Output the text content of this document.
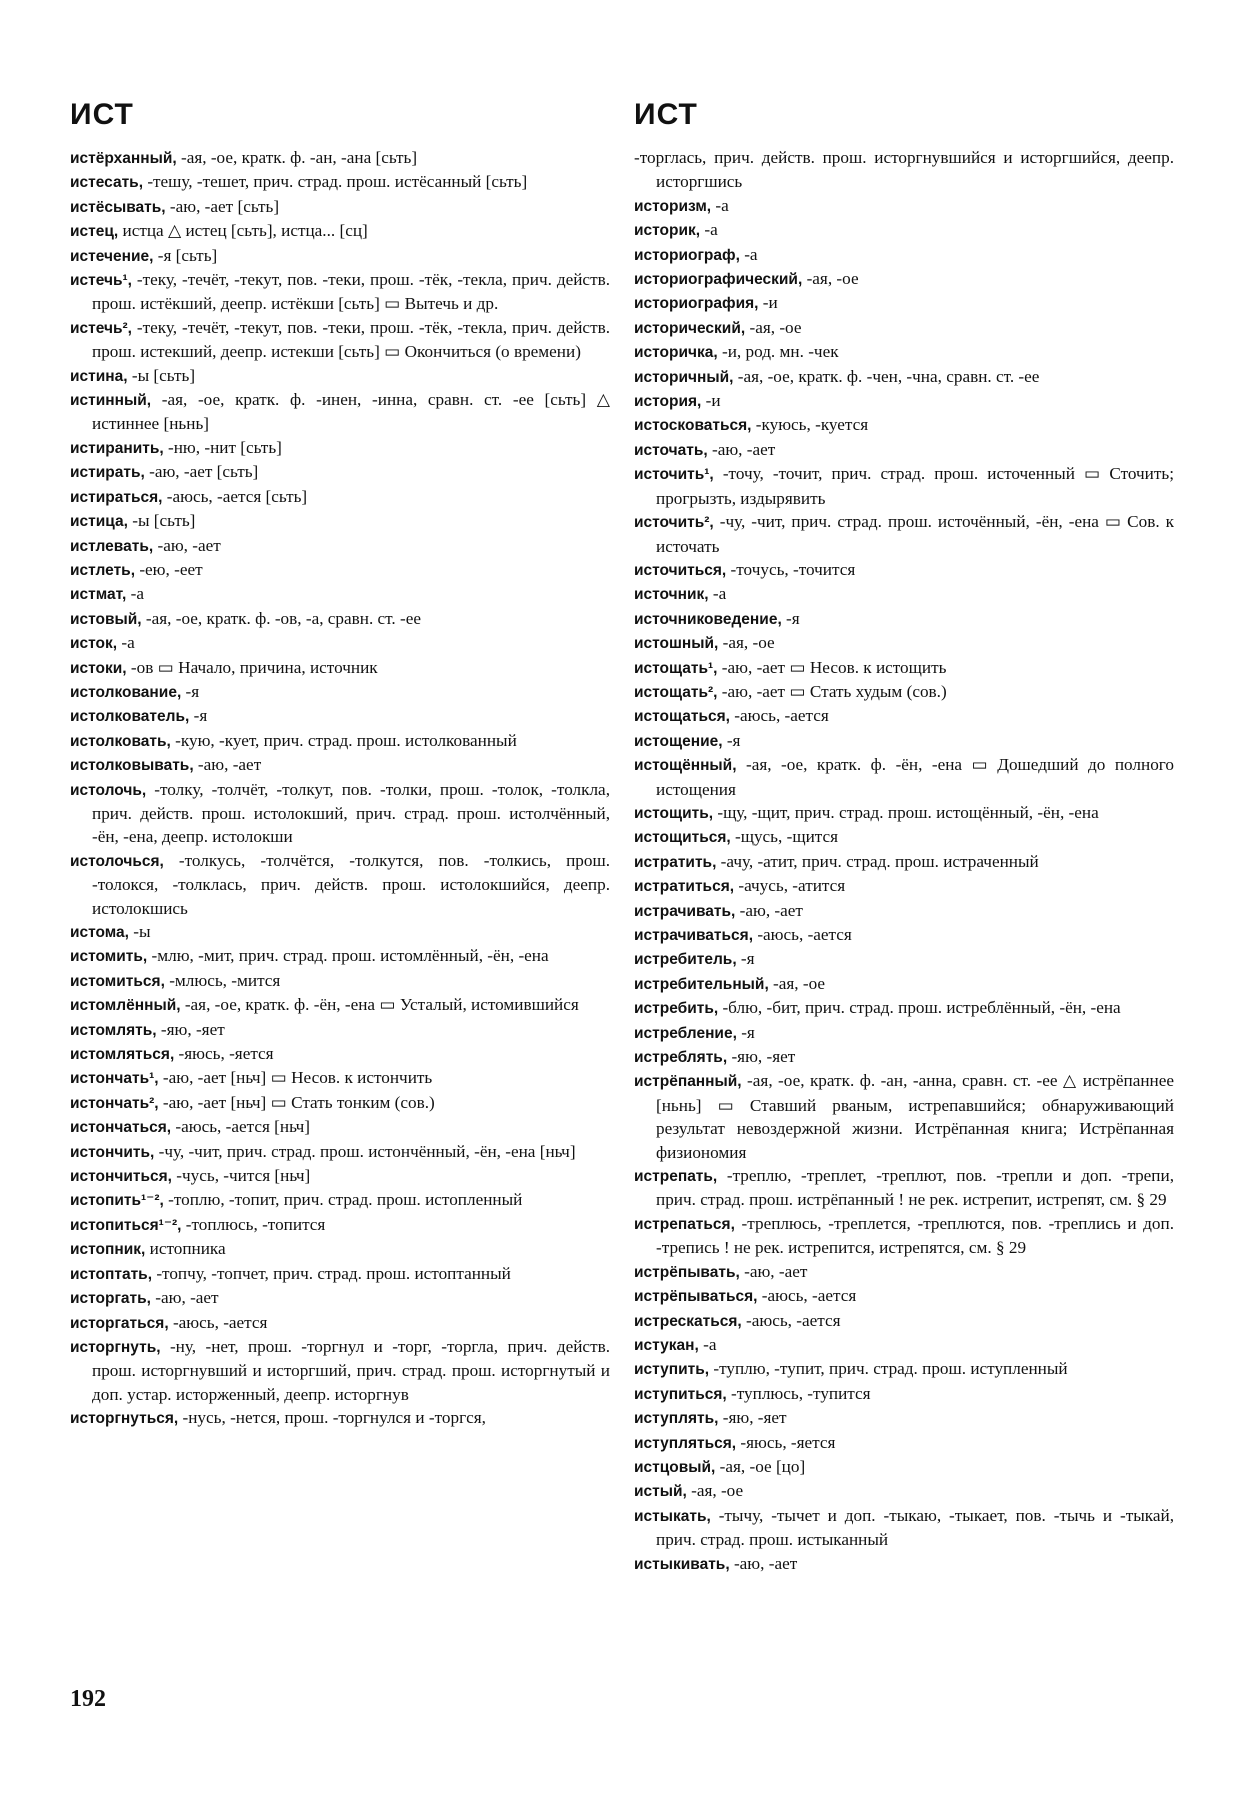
ИСТ	ИСТ

истёрханный, -ая, -ое, кратк. ф. -ан, -ана [сьть]

истесать, -тешу, -тешет, прич. страд. прош. истёсанный [сьть]

истёсывать, -аю, -ает [сьть]

истец, истца △ истец [сьть], истца... [сц]

истечение, -я [сьть]

истечь¹, -теку, -течёт, -текут, пов. -теки, прош. -тёк, -текла, прич. действ. прош. истёкший, деепр. истёкши [сьть] ▭ Вытечь и др.

истечь², -теку, -течёт, -текут, пов. -теки, прош. -тёк, -текла, прич. действ. прош. истекший, деепр. истекши [сьть] ▭ Окончиться (о времени)

истина, -ы [сьть]

истинный, -ая, -ое, кратк. ф. -инен, -инна, сравн. ст. -ее [сьть] △ истиннее [ньнь]

истиранить, -ню, -нит [сьть]

истирать, -аю, -ает [сьть]

истираться, -аюсь, -ается [сьть]

истица, -ы [сьть]

истлевать, -аю, -ает

истлеть, -ею, -еет

истмат, -а

истовый, -ая, -ое, кратк. ф. -ов, -а, сравн. ст. -ее

исток, -а

истоки, -ов ▭ Начало, причина, источник

истолкование, -я

истолкователь, -я

истолковать, -кую, -кует, прич. страд. прош. истолкованный

истолковывать, -аю, -ает

истолочь, -толку, -толчёт, -толкут, пов. -толки, прош. -толок, -толкла, прич. действ. прош. истолокший, прич. страд. прош. истолчённый, -ён, -ена, деепр. истолокши

истолочься, -толкусь, -толчётся, -толкутся, пов. -толкись, прош. -толокся, -толклась, прич. действ. прош. истолокшийся, деепр. истолокшись

истома, -ы

истомить, -млю, -мит, прич. страд. прош. истомлённый, -ён, -ена

истомиться, -млюсь, -мится

истомлённый, -ая, -ое, кратк. ф. -ён, -ена ▭ Усталый, истомившийся

истомлять, -яю, -яет

истомляться, -яюсь, -яется

истончать¹, -аю, -ает [ньч] ▭ Несов. к истончить

истончать², -аю, -ает [ньч] ▭ Стать тонким (сов.)

истончаться, -аюсь, -ается [ньч]

истончить, -чу, -чит, прич. страд. прош. истончённый, -ён, -ена [ньч]

истончиться, -чусь, -чится [ньч]

истопить¹⁻², -топлю, -топит, прич. страд. прош. истопленный

истопиться¹⁻², -топлюсь, -топится

истопник, истопника

истоптать, -топчу, -топчет, прич. страд. прош. истоптанный

исторгать, -аю, -ает

исторгаться, -аюсь, -ается

исторгнуть, -ну, -нет, прош. -торгнул и -торг, -торгла, прич. действ. прош. исторгнувший и исторгший, прич. страд. прош. исторгнутый и доп. устар. исторженный, деепр. исторгнув

исторгнуться, -нусь, -нется, прош. -торгнулся и -торгся,

-торглась, прич. действ. прош. исторгнувшийся и исторгшийся, деепр. исторгшись

историзм, -а

историк, -а

историограф, -а

историографический, -ая, -ое

историография, -и

исторический, -ая, -ое

историчка, -и, род. мн. -чек

историчный, -ая, -ое, кратк. ф. -чен, -чна, сравн. ст. -ее

история, -и

истосковаться, -куюсь, -куется

источать, -аю, -ает

источить¹, -точу, -точит, прич. страд. прош. источенный ▭ Сточить; прогрызть, издырявить

источить², -чу, -чит, прич. страд. прош. источённый, -ён, -ена ▭ Сов. к источать

источиться, -точусь, -точится

источник, -а

источниковедение, -я

истошный, -ая, -ое

истощать¹, -аю, -ает ▭ Несов. к истощить

истощать², -аю, -ает ▭ Стать худым (сов.)

истощаться, -аюсь, -ается

истощение, -я

истощённый, -ая, -ое, кратк. ф. -ён, -ена ▭ Дошедший до полного истощения

истощить, -щу, -щит, прич. страд. прош. истощённый, -ён, -ена

истощиться, -щусь, -щится

истратить, -ачу, -атит, прич. страд. прош. истраченный

истратиться, -ачусь, -атится

истрачивать, -аю, -ает

истрачиваться, -аюсь, -ается

истребитель, -я

истребительный, -ая, -ое

истребить, -блю, -бит, прич. страд. прош. истреблённый, -ён, -ена

истребление, -я

истреблять, -яю, -яет

истрёпанный, -ая, -ое, кратк. ф. -ан, -анна, сравн. ст. -ее △ истрёпаннее [ньнь] ▭ Ставший рваным, истрепавшийся; обнаруживающий результат невоздержной жизни. Истрёпанная книга; Истрёпанная физиономия

истрепать, -треплю, -треплет, -треплют, пов. -трепли и доп. -трепи, прич. страд. прош. истрёпанный ! не рек. истрепит, истрепят, см. § 29

истрепаться, -треплюсь, -треплется, -треплются, пов. -треплись и доп. -трепись ! не рек. истрепится, истрепятся, см. § 29

истрёпывать, -аю, -ает

истрёпываться, -аюсь, -ается

истрескаться, -аюсь, -ается

истукан, -а

иступить, -туплю, -тупит, прич. страд. прош. иступленный

иступиться, -туплюсь, -тупится

иступлять, -яю, -яет

иступляться, -яюсь, -яется

истцовый, -ая, -ое [цо]

истый, -ая, -ое

истыкать, -тычу, -тычет и доп. -тыкаю, -тыкает, пов. -тычь и -тыкай, прич. страд. прош. истыканный

истыкивать, -аю, -ает

192
